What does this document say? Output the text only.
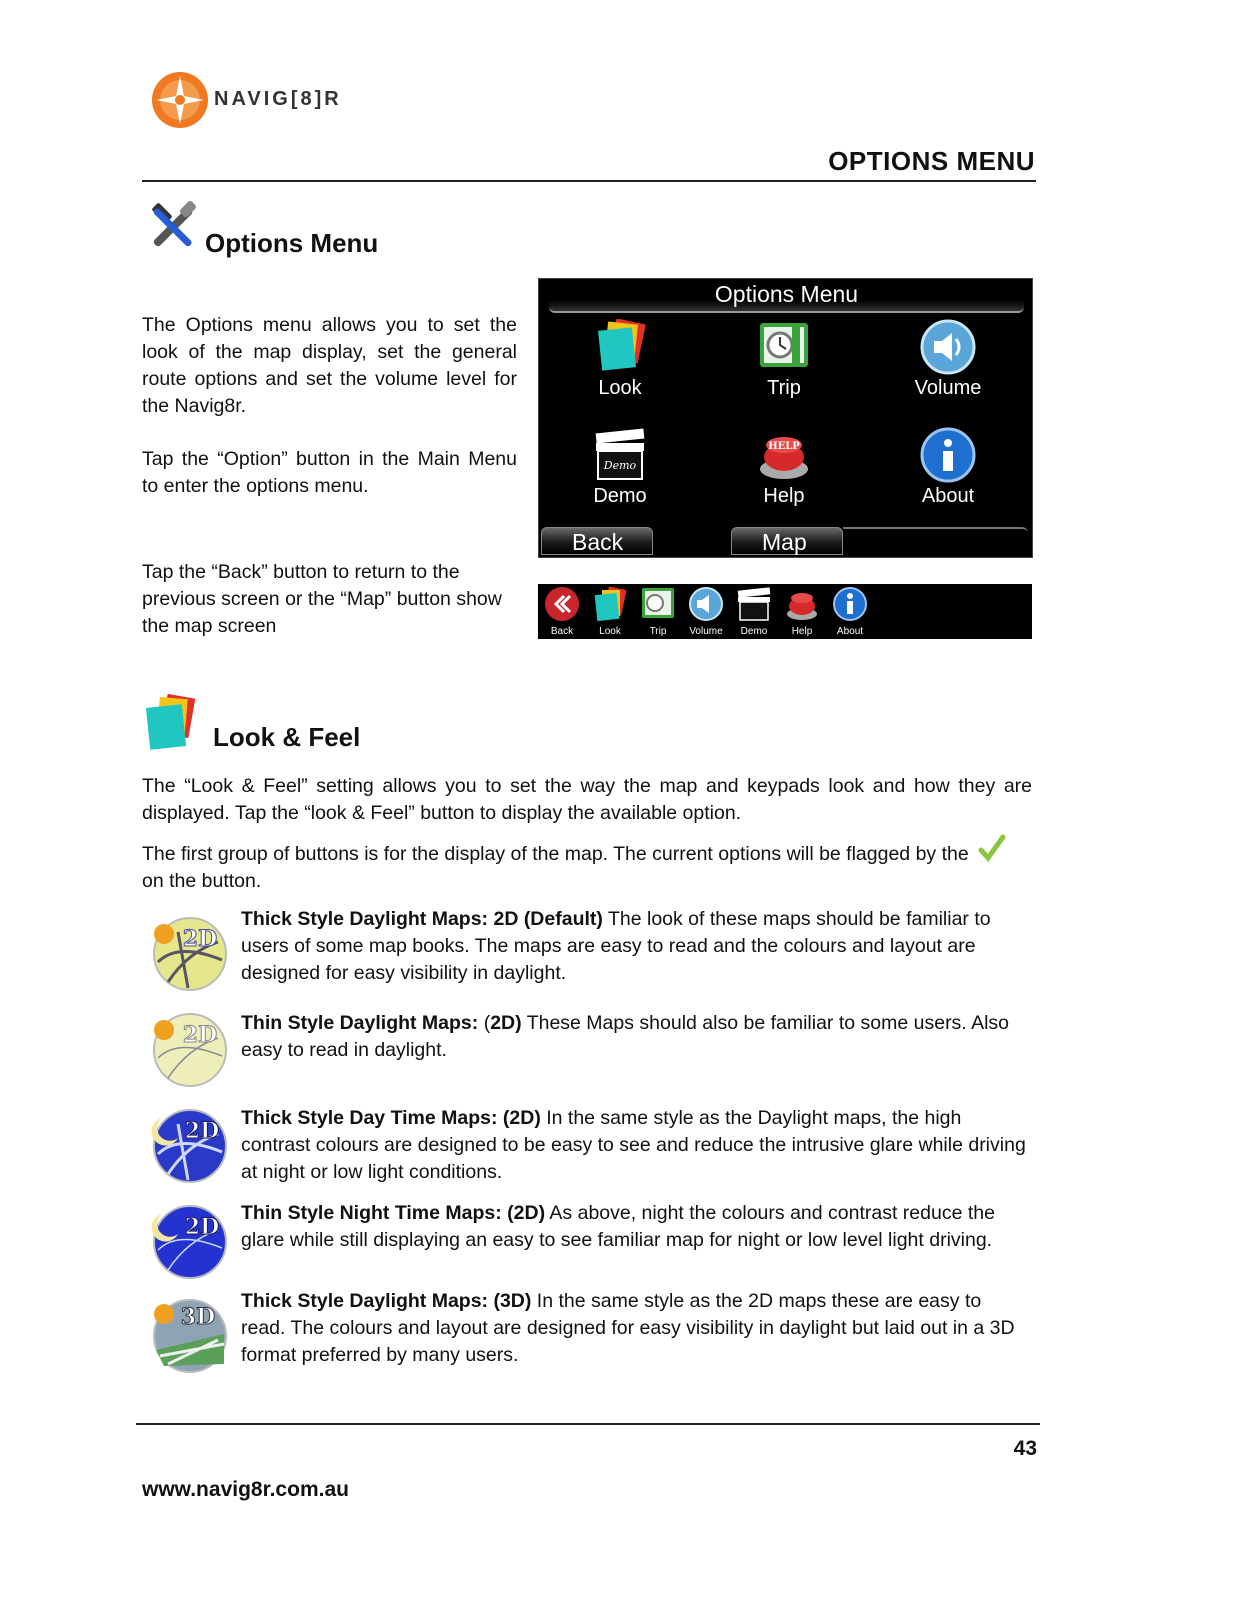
NAVIG[8]R
OPTIONS MENU
Options Menu
The Options menu allows you to set the look of the map display, set the general route options and set the volume level for the Navig8r.
Tap the “Option” button in the Main Menu to enter the options menu.
Tap the “Back” button to return to the previous screen or the “Map” button show the map screen
Options Menu
Look	Trip	Volume
Demo
Demo
HELP
Help	About
Back	Map
Back	Look	Trip	Volume	Demo	Help	About
Look & Feel
The “Look & Feel” setting allows you to set the way the map and keypads look and how they are displayed. Tap the “look & Feel” button to display the available option.
The first group of buttons is for the display of the map. The current options will be flagged by the
on the button.
2D
Thick Style Daylight Maps: 2D (Default) The look of these maps should be familiar to users of some map books. The maps are easy to read and the colours and layout are designed for easy visibility in daylight.
2D Thin Style Daylight Maps: (2D) These Maps should also be familiar to some users. Also easy to read in daylight.
2D Thick Style Day Time Maps: (2D) In the same style as the Daylight maps, the high contrast colours are designed to be easy to see and reduce the intrusive glare while driving at night or low light conditions.
2D
Thin Style Night Time Maps: (2D) As above, night the colours and contrast reduce the glare while still displaying an easy to see familiar map for night or low level light driving.
3D
Thick Style Daylight Maps: (3D) In the same style as the 2D maps these are easy to read. The colours and layout are designed for easy visibility in daylight but laid out in a 3D format preferred by many users.
43
www.navig8r.com.au
